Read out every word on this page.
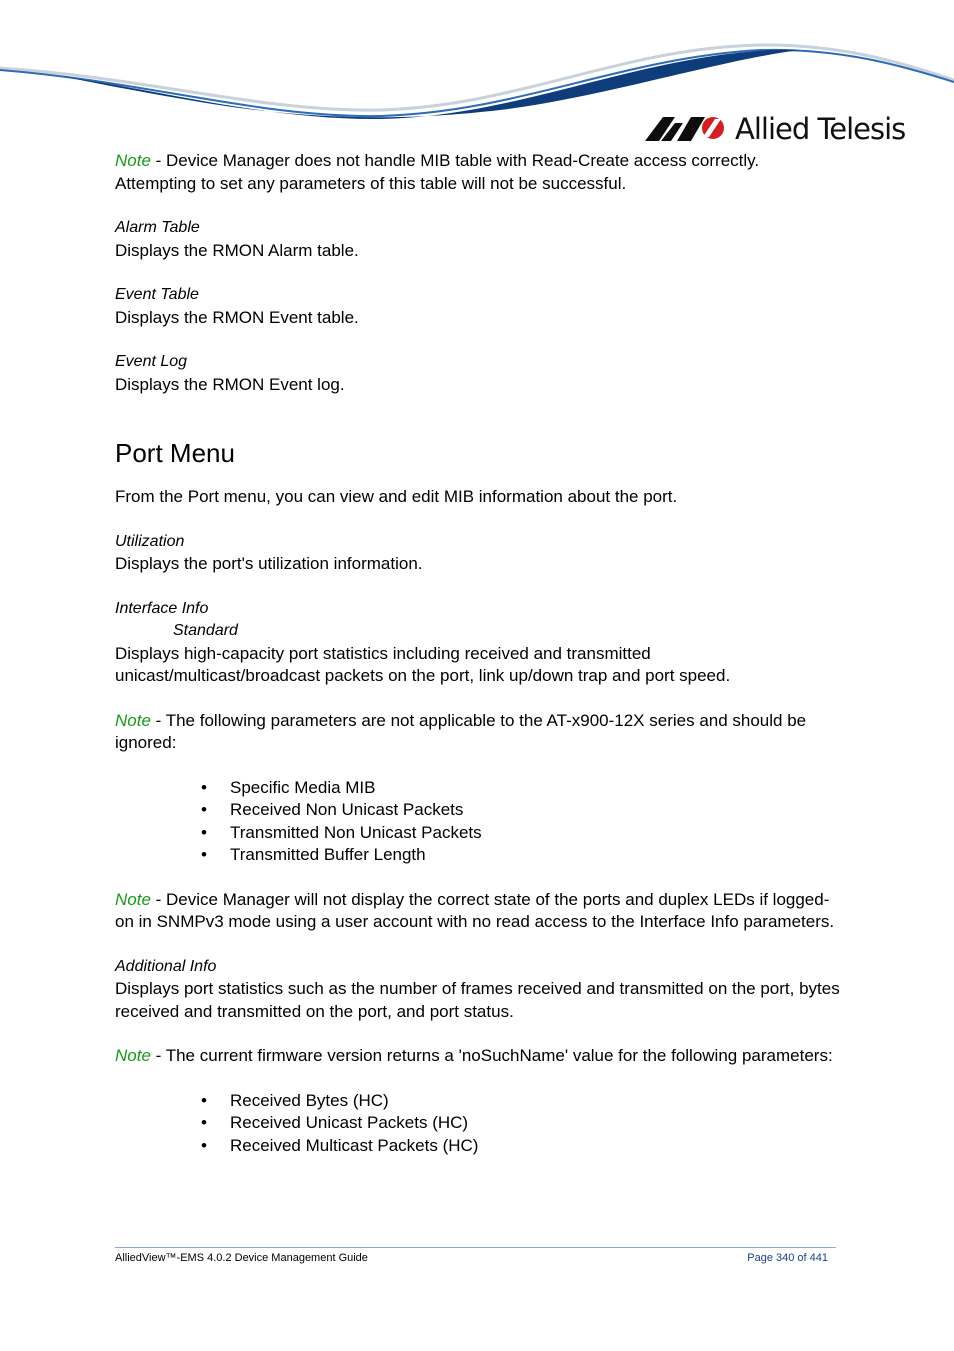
Allied Telesis

Note - Device Manager does not handle MIB table with Read-Create access correctly. Attempting to set any parameters of this table will not be successful.

Alarm Table

Displays the RMON Alarm table.

Event Table

Displays the RMON Event table.

Event Log

Displays the RMON Event log.

Port Menu

From the Port menu, you can view and edit MIB information about the port.

Utilization

Displays the port's utilization information.

Interface Info
Standard

Displays high-capacity port statistics including received and transmitted unicast/multicast/broadcast packets on the port, link up/down trap and port speed.

Note - The following parameters are not applicable to the AT-x900-12X series and should be ignored:

• Specific Media MIB
• Received Non Unicast Packets
• Transmitted Non Unicast Packets
• Transmitted Buffer Length

Note - Device Manager will not display the correct state of the ports and duplex LEDs if logged-on in SNMPv3 mode using a user account with no read access to the Interface Info parameters.

Additional Info

Displays port statistics such as the number of frames received and transmitted on the port, bytes received and transmitted on the port, and port status.

Note - The current firmware version returns a 'noSuchName' value for the following parameters:

• Received Bytes (HC)
• Received Unicast Packets (HC)
• Received Multicast Packets (HC)
AlliedView™-EMS 4.0.2 Device Management Guide	Page 340 of 441
